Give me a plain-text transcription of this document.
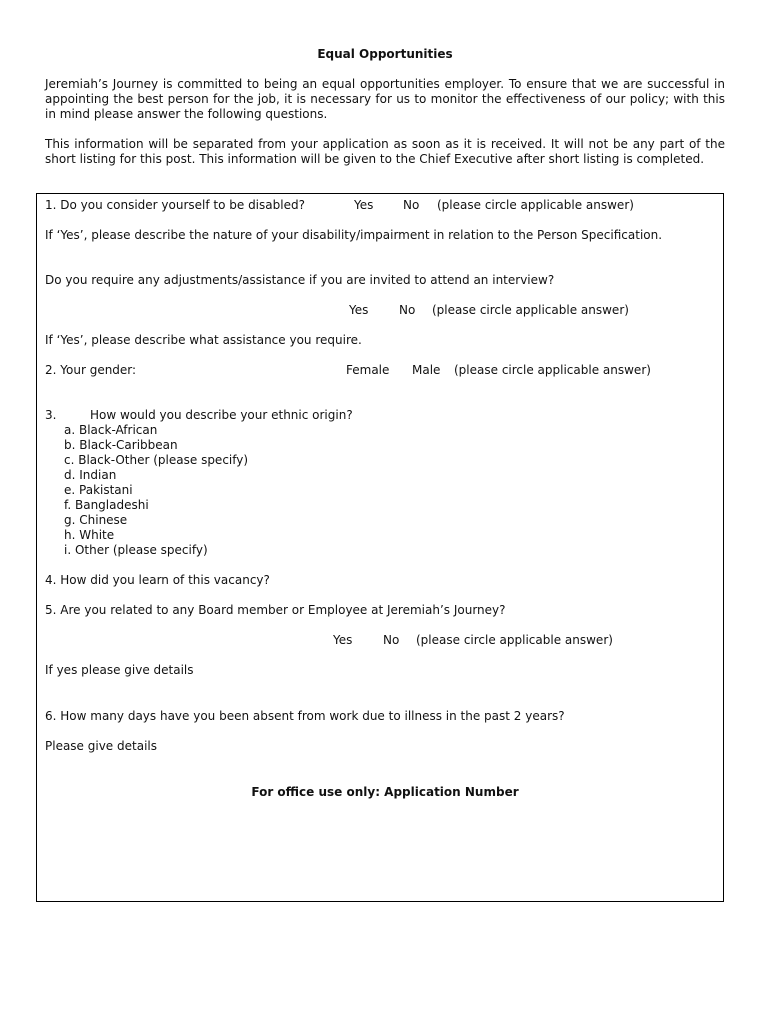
Equal Opportunities
Jeremiah’s Journey is committed to being an equal opportunities employer. To ensure that we are successful in appointing the best person for the job, it is necessary for us to monitor the effectiveness of our policy; with this in mind please answer the following questions.
This information will be separated from your application as soon as it is received. It will not be any part of the short listing for this post. This information will be given to the Chief Executive after short listing is completed.
1. Do you consider yourself to be disabled?	Yes No (please circle applicable answer)
If ‘Yes’, please describe the nature of your disability/impairment in relation to the Person Specification.
Do you require any adjustments/assistance if you are invited to attend an interview?
Yes	No (please circle applicable answer)
If ‘Yes’, please describe what assistance you require.
2. Your gender:	Female Male (please circle applicable answer)
3.	How would you describe your ethnic origin?
a. Black-African
b. Black-Caribbean
c. Black-Other (please specify)
d. Indian
e. Pakistani
f. Bangladeshi
g. Chinese
h. White
i. Other (please specify)
4. How did you learn of this vacancy?
5. Are you related to any Board member or Employee at Jeremiah’s Journey?
Yes	No (please circle applicable answer)
If yes please give details
6. How many days have you been absent from work due to illness in the past 2 years?
Please give details
For office use only: Application Number
